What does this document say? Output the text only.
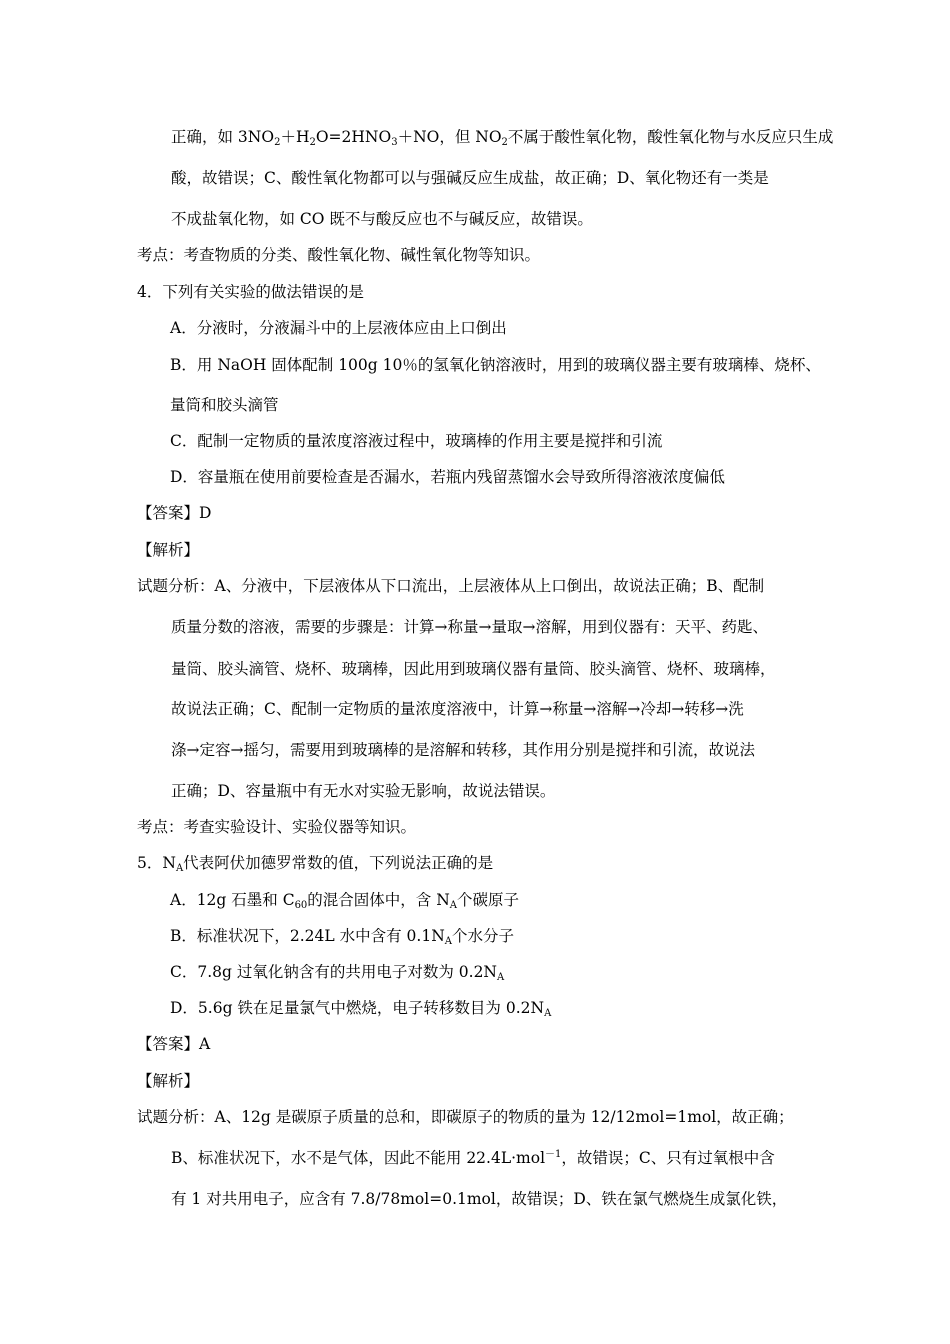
正确，如 $3NO_2+H_2O=2HNO_3+NO$，但 $NO_2$不属于酸性氧化物，酸性氧化物与水反应只生成
酸，故错误；C、酸性氧化物都可以与强碱反应生成盐，故正确；D、氧化物还有一类是
不成盐氧化物，如 CO 既不与酸反应也不与碱反应，故错误。
考点：考查物质的分类、酸性氧化物、碱性氧化物等知识。
4．下列有关实验的做法错误的是
A．分液时，分液漏斗中的上层液体应由上口倒出
B．用 NaOH 固体配制 100g 10％的氢氧化钠溶液时，用到的玻璃仪器主要有玻璃棒、烧杯、
量筒和胶头滴管
C．配制一定物质的量浓度溶液过程中，玻璃棒的作用主要是搅拌和引流
D．容量瓶在使用前要检查是否漏水，若瓶内残留蒸馏水会导致所得溶液浓度偏低
【答案】D
【解析】
试题分析：A、分液中，下层液体从下口流出，上层液体从上口倒出，故说法正确；B、配制
质量分数的溶液，需要的步骤是：计算→称量→量取→溶解，用到仪器有：天平、药匙、
量筒、胶头滴管、烧杯、玻璃棒，因此用到玻璃仪器有量筒、胶头滴管、烧杯、玻璃棒，
故说法正确；C、配制一定物质的量浓度溶液中，计算→称量→溶解→冷却→转移→洗
涤→定容→摇匀，需要用到玻璃棒的是溶解和转移，其作用分别是搅拌和引流，故说法
正确；D、容量瓶中有无水对实验无影响，故说法错误。
考点：考查实验设计、实验仪器等知识。
5．$N_A$代表阿伏加德罗常数的值，下列说法正确的是
A．12g 石墨和 $C_{60}$的混合固体中，含 $N_A$个碳原子
B．标准状况下，2.24L 水中含有 $0.1N_A$个水分子
C．7.8g 过氧化钠含有的共用电子对数为 $0.2N_A$
D．5.6g 铁在足量氯气中燃烧，电子转移数目为 $0.2N_A$
【答案】A
【解析】
试题分析：A、12g 是碳原子质量的总和，即碳原子的物质的量为 12/12mol=1mol，故正确；
B、标准状况下，水不是气体，因此不能用 22.4L·mol$^{-1}$，故错误；C、只有过氧根中含
有 1 对共用电子，应含有 7.8/78mol=0.1mol，故错误；D、铁在氯气燃烧生成氯化铁，
